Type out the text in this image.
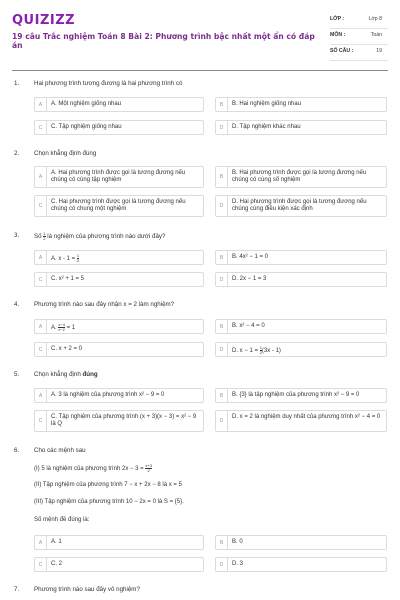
QUIZIZZ
19 câu Trắc nghiệm Toán 8 Bài 2: Phương trình bậc nhất một ẩn có đáp án
LỚP :	Lớp 8
MÔN :	Toán
SỐ CÂU :	19
1. Hai phương trình tương đương là hai phương trình có
A	A. Một nghiệm giống nhau	B	B. Hai nghiệm giống nhau
C	C. Tập nghiệm giống nhau	D	D. Tập nghiệm khác nhau
2. Chọn khẳng định đúng
A
A. Hai phương trình được gọi là tương đương nếu chúng có cùng tập nghiệm
B
B. Hai phương trình được gọi là tương đương nếu chúng có cùng số nghiệm
C
C. Hai phương trình được gọi là tương đương nếu chúng có chung một nghiệm
D
D. Hai phương trình được gọi là tương đương nếu chúng cùng điều kiện xác định
3. Số $\frac{1}{2}$ là nghiệm của phương trình nào dưới đây?
A	A. $x - 1 = \frac{1}{2}$	B	B. 4x² − 1 = 0
C	C. x² + 1 = 5	D	D. 2x − 1 = 3
4. Phương trình nào sau đây nhận x = 2 làm nghiệm?
A	A. $\frac{x-4}{x-2} = 1$	B	B. x² − 4 = 0
C	C. x + 2 = 0	D	D. $x - 1 = \frac{1}{2} (3x - 1)$
5. Chọn khẳng định đúng
A	A. 3 là nghiệm của phương trình x² − 9 = 0	B	B. {3} là tập nghiệm của phương trình x² − 9 = 0
C
C. Tập nghiệm của phương trình (x + 3)(x − 3) = x² − 9 là Q
D
D. x = 2 là nghiệm duy nhất của phương trình x² − 4 = 0
6. Cho các mệnh sau
(I) 5 là nghiệm của phương trình $2x - 3 = \frac{x+3}{2}$
(II) Tập nghiệm của phương trình 7 − x + 2x − 8 là x = 5
(III) Tập nghiệm của phương trình 10 − 2x = 0 là S = {5}.
Số mệnh đề đúng là:
A	A. 1	B	B. 0
C	C. 2	D	D. 3
7. Phương trình nào sau đây vô nghiệm?
